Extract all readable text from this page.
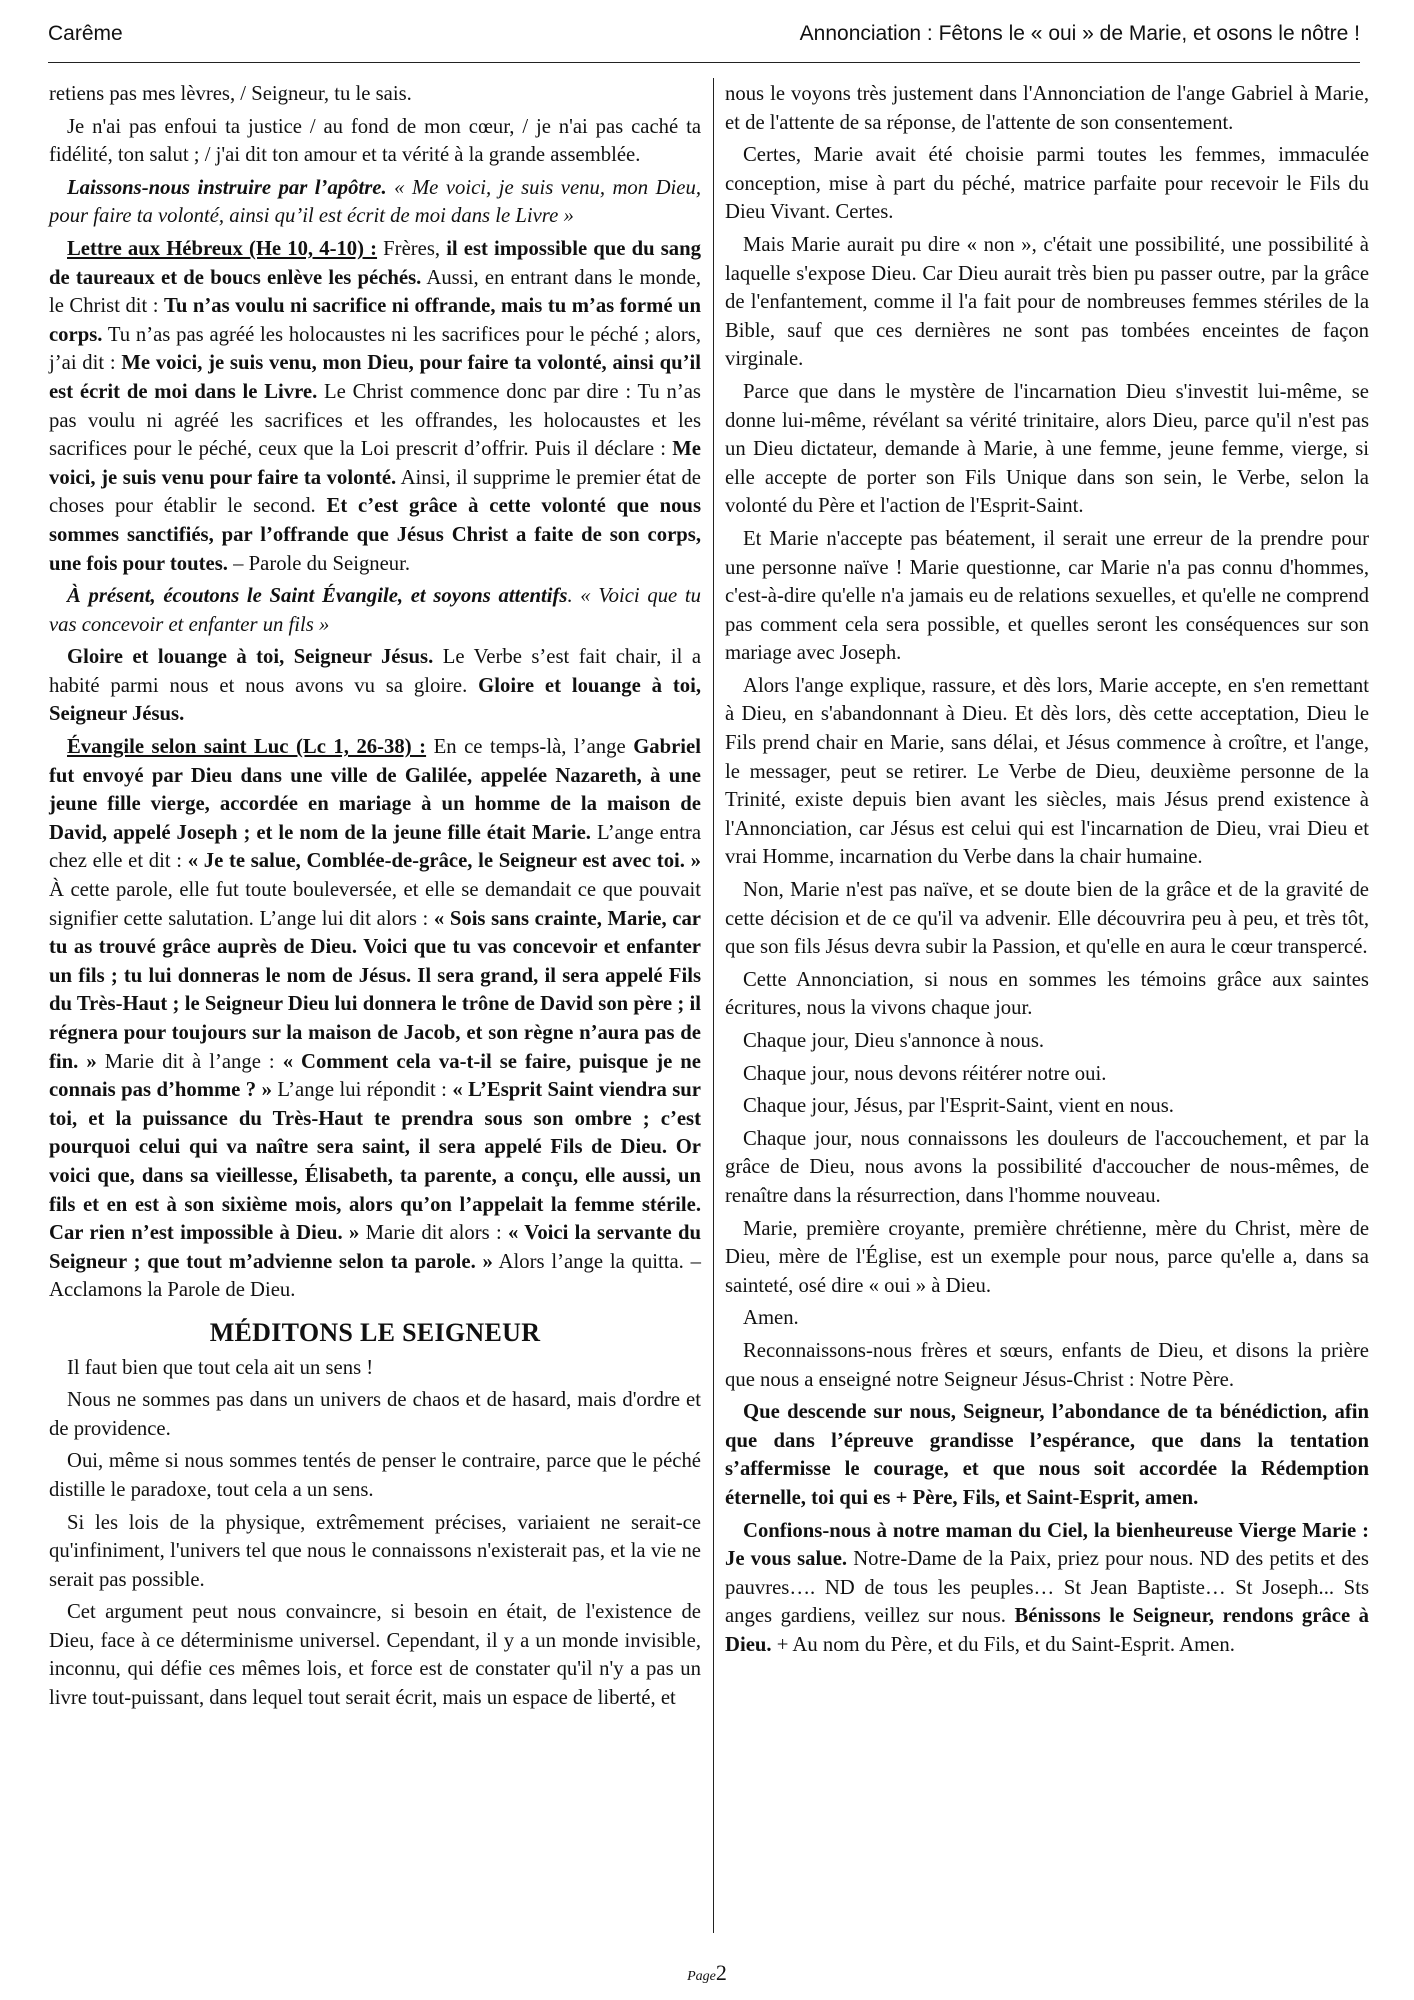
Carême	Annonciation : Fêtons le « oui » de Marie, et osons le nôtre !

retiens pas mes lèvres, / Seigneur, tu le sais.

Je n'ai pas enfoui ta justice / au fond de mon cœur, / je n'ai pas caché ta fidélité, ton salut ; / j'ai dit ton amour et ta vérité à la grande assemblée.

Laissons-nous instruire par l’apôtre. « Me voici, je suis venu, mon Dieu, pour faire ta volonté, ainsi qu’il est écrit de moi dans le Livre »

Lettre aux Hébreux (He 10, 4-10) : Frères, il est impossible que du sang de taureaux et de boucs enlève les péchés. Aussi, en entrant dans le monde, le Christ dit : Tu n’as voulu ni sacrifice ni offrande, mais tu m’as formé un corps. Tu n’as pas agréé les holocaustes ni les sacrifices pour le péché ; alors, j’ai dit : Me voici, je suis venu, mon Dieu, pour faire ta volonté, ainsi qu’il est écrit de moi dans le Livre. Le Christ commence donc par dire : Tu n’as pas voulu ni agréé les sacrifices et les offrandes, les holocaustes et les sacrifices pour le péché, ceux que la Loi prescrit d’offrir. Puis il déclare : Me voici, je suis venu pour faire ta volonté. Ainsi, il supprime le premier état de choses pour établir le second. Et c’est grâce à cette volonté que nous sommes sanctifiés, par l’offrande que Jésus Christ a faite de son corps, une fois pour toutes. – Parole du Seigneur.

À présent, écoutons le Saint Évangile, et soyons attentifs. « Voici que tu vas concevoir et enfanter un fils »

Gloire et louange à toi, Seigneur Jésus. Le Verbe s’est fait chair, il a habité parmi nous et nous avons vu sa gloire. Gloire et louange à toi, Seigneur Jésus.

Évangile selon saint Luc (Lc 1, 26-38) : En ce temps-là, l’ange Gabriel fut envoyé par Dieu dans une ville de Galilée, appelée Nazareth, à une jeune fille vierge, accordée en mariage à un homme de la maison de David, appelé Joseph ; et le nom de la jeune fille était Marie. L’ange entra chez elle et dit : « Je te salue, Comblée-de-grâce, le Seigneur est avec toi. » À cette parole, elle fut toute bouleversée, et elle se demandait ce que pouvait signifier cette salutation. L’ange lui dit alors : « Sois sans crainte, Marie, car tu as trouvé grâce auprès de Dieu. Voici que tu vas concevoir et enfanter un fils ; tu lui donneras le nom de Jésus. Il sera grand, il sera appelé Fils du Très-Haut ; le Seigneur Dieu lui donnera le trône de David son père ; il régnera pour toujours sur la maison de Jacob, et son règne n’aura pas de fin. » Marie dit à l’ange : « Comment cela va-t-il se faire, puisque je ne connais pas d’homme ? » L’ange lui répondit : « L’Esprit Saint viendra sur toi, et la puissance du Très-Haut te prendra sous son ombre ; c’est pourquoi celui qui va naître sera saint, il sera appelé Fils de Dieu. Or voici que, dans sa vieillesse, Élisabeth, ta parente, a conçu, elle aussi, un fils et en est à son sixième mois, alors qu’on l’appelait la femme stérile. Car rien n’est impossible à Dieu. » Marie dit alors : « Voici la servante du Seigneur ; que tout m’advienne selon ta parole. » Alors l’ange la quitta. – Acclamons la Parole de Dieu.

MÉDITONS LE SEIGNEUR

Il faut bien que tout cela ait un sens !

Nous ne sommes pas dans un univers de chaos et de hasard, mais d'ordre et de providence.

Oui, même si nous sommes tentés de penser le contraire, parce que le péché distille le paradoxe, tout cela a un sens.

Si les lois de la physique, extrêmement précises, variaient ne serait-ce qu'infiniment, l'univers tel que nous le connaissons n'existerait pas, et la vie ne serait pas possible.

Cet argument peut nous convaincre, si besoin en était, de l'existence de Dieu, face à ce déterminisme universel. Cependant, il y a un monde invisible, inconnu, qui défie ces mêmes lois, et force est de constater qu'il n'y a pas un livre tout-puissant, dans lequel tout serait écrit, mais un espace de liberté, et

nous le voyons très justement dans l'Annonciation de l'ange Gabriel à Marie, et de l'attente de sa réponse, de l'attente de son consentement.

Certes, Marie avait été choisie parmi toutes les femmes, immaculée conception, mise à part du péché, matrice parfaite pour recevoir le Fils du Dieu Vivant. Certes.

Mais Marie aurait pu dire « non », c'était une possibilité, une possibilité à laquelle s'expose Dieu. Car Dieu aurait très bien pu passer outre, par la grâce de l'enfantement, comme il l'a fait pour de nombreuses femmes stériles de la Bible, sauf que ces dernières ne sont pas tombées enceintes de façon virginale.

Parce que dans le mystère de l'incarnation Dieu s'investit lui-même, se donne lui-même, révélant sa vérité trinitaire, alors Dieu, parce qu'il n'est pas un Dieu dictateur, demande à Marie, à une femme, jeune femme, vierge, si elle accepte de porter son Fils Unique dans son sein, le Verbe, selon la volonté du Père et l'action de l'Esprit-Saint.

Et Marie n'accepte pas béatement, il serait une erreur de la prendre pour une personne naïve ! Marie questionne, car Marie n'a pas connu d'hommes, c'est-à-dire qu'elle n'a jamais eu de relations sexuelles, et qu'elle ne comprend pas comment cela sera possible, et quelles seront les conséquences sur son mariage avec Joseph.

Alors l'ange explique, rassure, et dès lors, Marie accepte, en s'en remettant à Dieu, en s'abandonnant à Dieu. Et dès lors, dès cette acceptation, Dieu le Fils prend chair en Marie, sans délai, et Jésus commence à croître, et l'ange, le messager, peut se retirer. Le Verbe de Dieu, deuxième personne de la Trinité, existe depuis bien avant les siècles, mais Jésus prend existence à l'Annonciation, car Jésus est celui qui est l'incarnation de Dieu, vrai Dieu et vrai Homme, incarnation du Verbe dans la chair humaine.

Non, Marie n'est pas naïve, et se doute bien de la grâce et de la gravité de cette décision et de ce qu'il va advenir. Elle découvrira peu à peu, et très tôt, que son fils Jésus devra subir la Passion, et qu'elle en aura le cœur transpercé.

Cette Annonciation, si nous en sommes les témoins grâce aux saintes écritures, nous la vivons chaque jour.

Chaque jour, Dieu s'annonce à nous.

Chaque jour, nous devons réitérer notre oui.

Chaque jour, Jésus, par l'Esprit-Saint, vient en nous.

Chaque jour, nous connaissons les douleurs de l'accouchement, et par la grâce de Dieu, nous avons la possibilité d'accoucher de nous-mêmes, de renaître dans la résurrection, dans l'homme nouveau.

Marie, première croyante, première chrétienne, mère du Christ, mère de Dieu, mère de l'Église, est un exemple pour nous, parce qu'elle a, dans sa sainteté, osé dire « oui » à Dieu.

Amen.

Reconnaissons-nous frères et sœurs, enfants de Dieu, et disons la prière que nous a enseigné notre Seigneur Jésus-Christ : Notre Père.

Que descende sur nous, Seigneur, l’abondance de ta bénédiction, afin que dans l’épreuve grandisse l’espérance, que dans la tentation s’affermisse le courage, et que nous soit accordée la Rédemption éternelle, toi qui es + Père, Fils, et Saint-Esprit, amen.

Confions-nous à notre maman du Ciel, la bienheureuse Vierge Marie : Je vous salue. Notre-Dame de la Paix, priez pour nous. ND des petits et des pauvres…. ND de tous les peuples… St Jean Baptiste… St Joseph... Sts anges gardiens, veillez sur nous. Bénissons le Seigneur, rendons grâce à Dieu. + Au nom du Père, et du Fils, et du Saint-Esprit. Amen.

Page2
